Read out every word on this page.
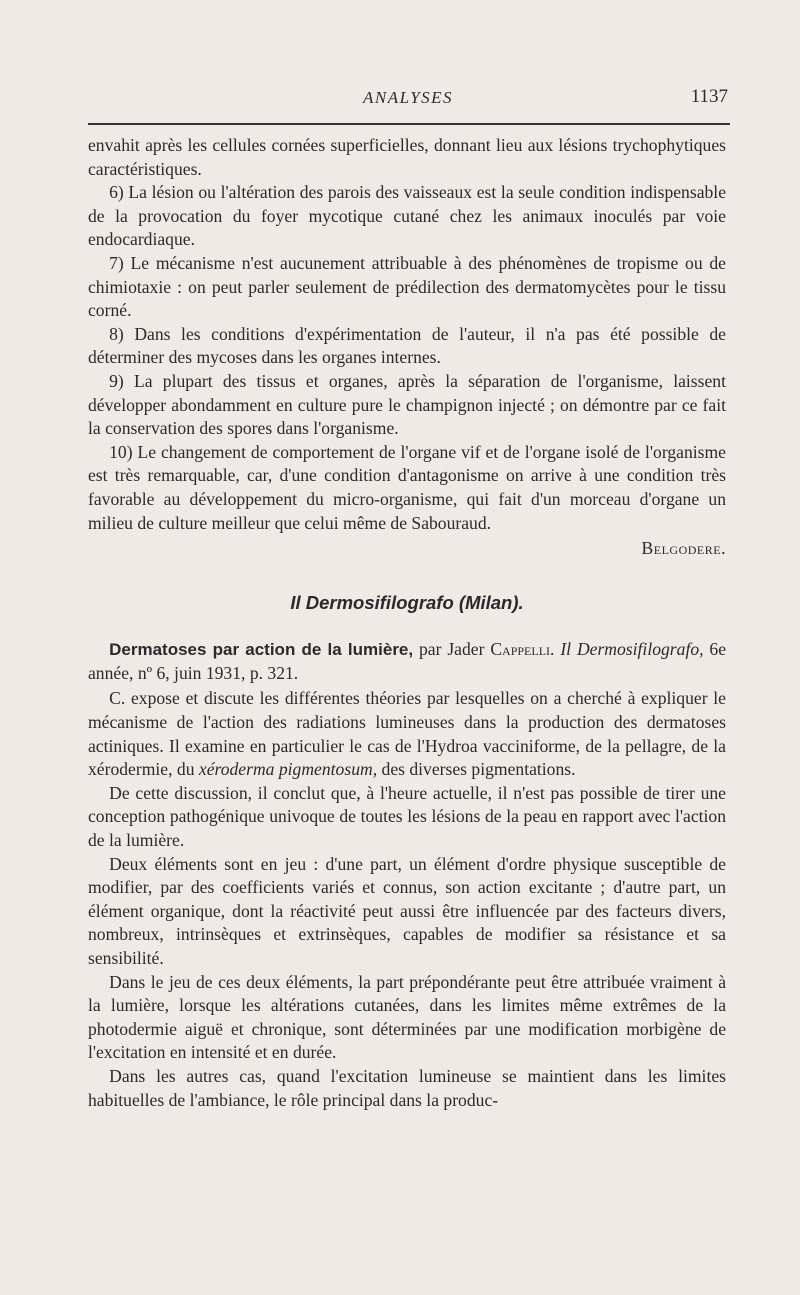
ANALYSES	1137

envahit après les cellules cornées superficielles, donnant lieu aux lésions trychophytiques caractéristiques.

6) La lésion ou l'altération des parois des vaisseaux est la seule condition indispensable de la provocation du foyer mycotique cutané chez les animaux inoculés par voie endocardiaque.

7) Le mécanisme n'est aucunement attribuable à des phénomènes de tropisme ou de chimiotaxie : on peut parler seulement de prédilection des dermatomycètes pour le tissu corné.

8) Dans les conditions d'expérimentation de l'auteur, il n'a pas été possible de déterminer des mycoses dans les organes internes.

9) La plupart des tissus et organes, après la séparation de l'organisme, laissent développer abondamment en culture pure le champignon injecté ; on démontre par ce fait la conservation des spores dans l'organisme.

10) Le changement de comportement de l'organe vif et de l'organe isolé de l'organisme est très remarquable, car, d'une condition d'antagonisme on arrive à une condition très favorable au développement du micro-organisme, qui fait d'un morceau d'organe un milieu de culture meilleur que celui même de Sabouraud.

Belgodere.

Il Dermosifilografo (Milan).

Dermatoses par action de la lumière, par Jader Cappelli. Il Dermosifilografo, 6e année, nº 6, juin 1931, p. 321.

C. expose et discute les différentes théories par lesquelles on a cherché à expliquer le mécanisme de l'action des radiations lumineuses dans la production des dermatoses actiniques. Il examine en particulier le cas de l'Hydroa vacciniforme, de la pellagre, de la xérodermie, du xéroderma pigmentosum, des diverses pigmentations.

De cette discussion, il conclut que, à l'heure actuelle, il n'est pas possible de tirer une conception pathogénique univoque de toutes les lésions de la peau en rapport avec l'action de la lumière.

Deux éléments sont en jeu : d'une part, un élément d'ordre physique susceptible de modifier, par des coefficients variés et connus, son action excitante ; d'autre part, un élément organique, dont la réactivité peut aussi être influencée par des facteurs divers, nombreux, intrinsèques et extrinsèques, capables de modifier sa résistance et sa sensibilité.

Dans le jeu de ces deux éléments, la part prépondérante peut être attribuée vraiment à la lumière, lorsque les altérations cutanées, dans les limites même extrêmes de la photodermie aiguë et chronique, sont déterminées par une modification morbigène de l'excitation en intensité et en durée.

Dans les autres cas, quand l'excitation lumineuse se maintient dans les limites habituelles de l'ambiance, le rôle principal dans la produc-
